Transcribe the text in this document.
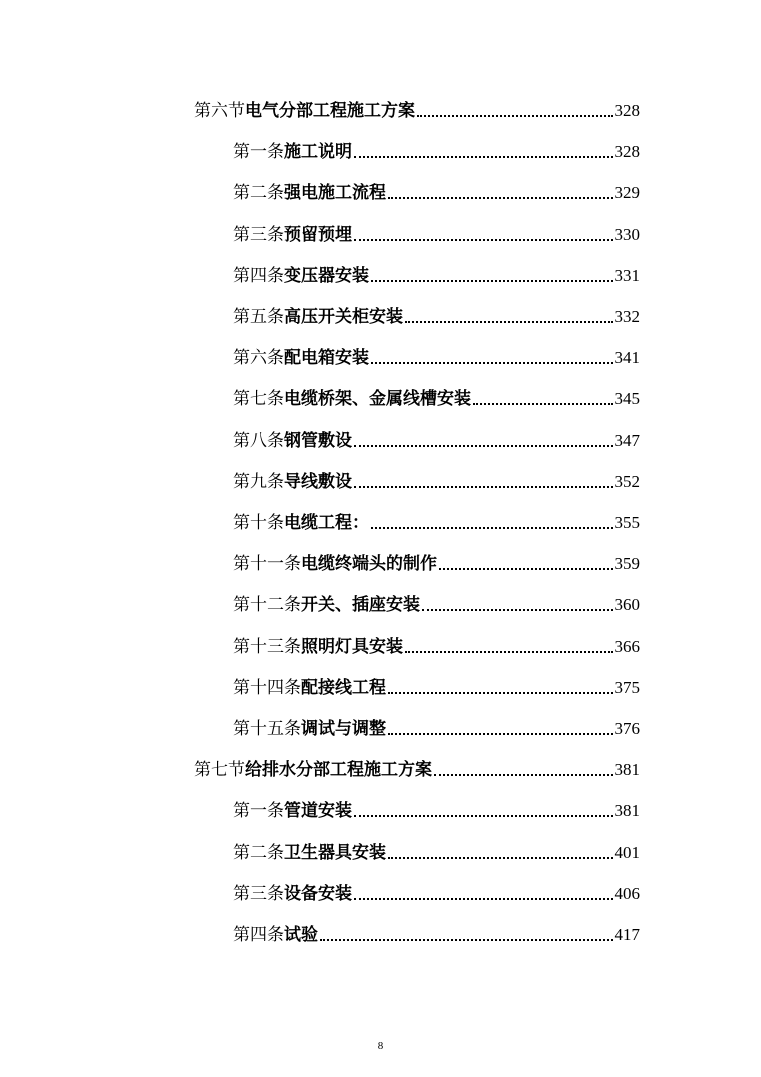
第六节 电气分部工程施工方案	328
第一条 施工说明	328
第二条 强电施工流程	329
第三条 预留预埋	330
第四条 变压器安装	331
第五条 高压开关柜安装	332
第六条 配电箱安装	341
第七条 电缆桥架、金属线槽安装	345
第八条 钢管敷设	347
第九条 导线敷设	352
第十条 电缆工程：	355
第十一条 电缆终端头的制作	359
第十二条 开关、插座安装	360
第十三条 照明灯具安装	366
第十四条 配接线工程	375
第十五条 调试与调整	376
第七节 给排水分部工程施工方案	381
第一条 管道安装	381
第二条 卫生器具安装	401
第三条 设备安装	406
第四条 试验	417
8
